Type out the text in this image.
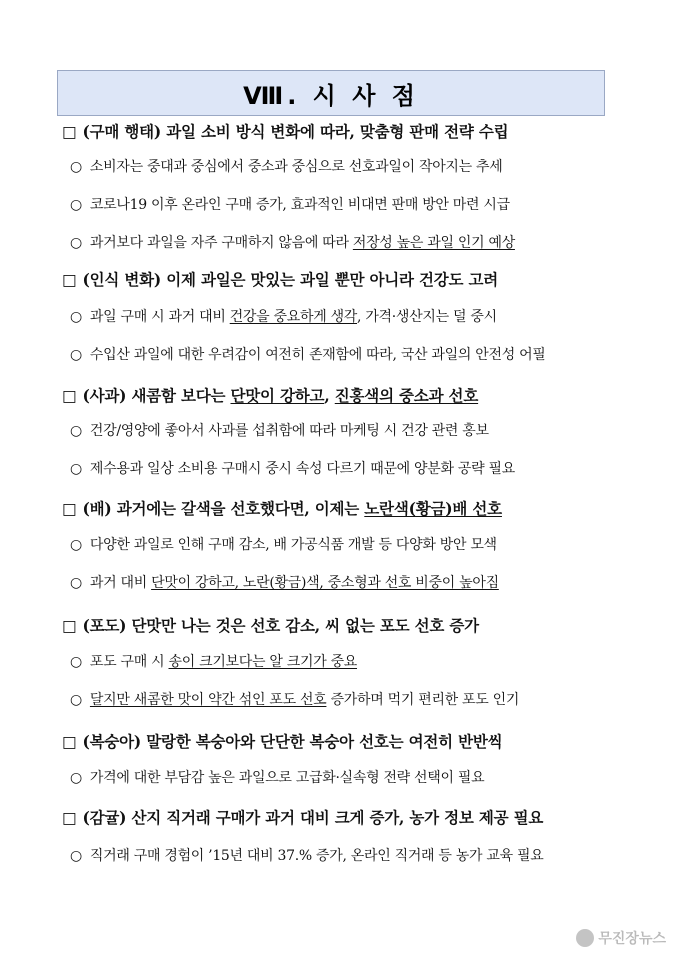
Ⅷ. 시 사 점
□ (구매 행태) 과일 소비 방식 변화에 따라, 맞춤형 판매 전략 수립
○ 소비자는 중대과 중심에서 중소과 중심으로 선호과일이 작아지는 추세
○ 코로나19 이후 온라인 구매 증가, 효과적인 비대면 판매 방안 마련 시급
○ 과거보다 과일을 자주 구매하지 않음에 따라 저장성 높은 과일 인기 예상
□ (인식 변화) 이제 과일은 맛있는 과일 뿐만 아니라 건강도 고려
○ 과일 구매 시 과거 대비 건강을 중요하게 생각, 가격·생산지는 덜 중시
○ 수입산 과일에 대한 우려감이 여전히 존재함에 따라, 국산 과일의 안전성 어필
□ (사과) 새콤함 보다는 단맛이 강하고, 진홍색의 중소과 선호
○ 건강/영양에 좋아서 사과를 섭취함에 따라 마케팅 시 건강 관련 홍보
○ 제수용과 일상 소비용 구매시 중시 속성 다르기 때문에 양분화 공략 필요
□ (배) 과거에는 갈색을 선호했다면, 이제는 노란색(황금)배 선호
○ 다양한 과일로 인해 구매 감소, 배 가공식품 개발 등 다양화 방안 모색
○ 과거 대비 단맛이 강하고, 노란(황금)색, 중소형과 선호 비중이 높아짐
□ (포도) 단맛만 나는 것은 선호 감소, 씨 없는 포도 선호 증가
○ 포도 구매 시 송이 크기보다는 알 크기가 중요
○ 달지만 새콤한 맛이 약간 섞인 포도 선호 증가하며 먹기 편리한 포도 인기
□ (복숭아) 말랑한 복숭아와 단단한 복숭아 선호는 여전히 반반씩
○ 가격에 대한 부담감 높은 과일으로 고급화·실속형 전략 선택이 필요
□ (감귤) 산지 직거래 구매가 과거 대비 크게 증가, 농가 정보 제공 필요
○ 직거래 구매 경험이 ’15년 대비 37.% 증가, 온라인 직거래 등 농가 교육 필요
무진장뉴스
